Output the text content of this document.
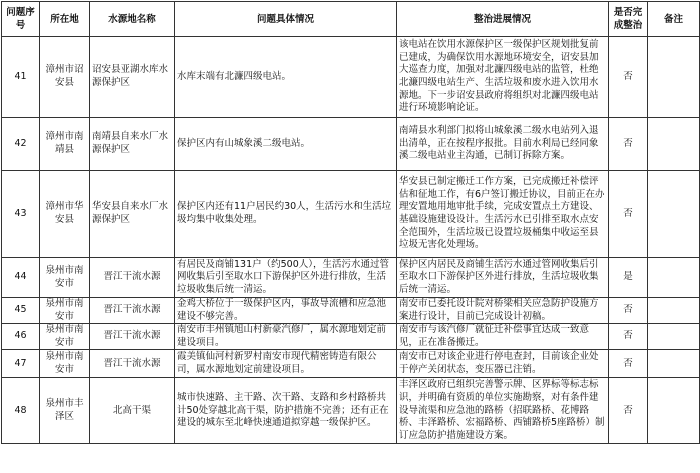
问题序号	所在地	水源地名称	问题具体情况	整治进展情况	是否完成整治	备注
41	漳州市诏安县	诏安县亚湖水库水源保护区	水库末端有北濂四级电站。	该电站在饮用水源保护区一级保护区规划批复前已建成，为确保饮用水源地环境安全，诏安县加大巡查力度，加强对北濂四级电站的监管，杜绝北濂四级电站生产、生活垃圾和废水进入饮用水源地。下一步诏安县政府将组织对北濂四级电站进行环境影响论证。	否	
42	漳州市南靖县	南靖县自来水厂水源保护区	保护区内有山城象溪二级电站。	南靖县水利部门拟将山城象溪二级水电站列入退出清单，正在按程序报批。目前水利局已经同象溪二级电站业主沟通，已制订拆除方案。	否	
43	漳州市华安县	华安县自来水厂水源保护区	保护区内还有11户居民约30人，生活污水和生活垃圾均集中收集处理。	华安县已制定搬迁工作方案，已完成搬迁补偿评估和征地工作，有6户签订搬迁协议，目前正在办理安置地用地审批手续，完成安置点土方建设、基础设施建设设计。生活污水已引排至取水点安全范围外，生活垃圾已设置垃圾桶集中收运至县垃圾无害化处理场。	否	
44	泉州市南安市	晋江干流水源	有居民及商铺131户（约500人），生活污水通过管网收集后引至取水口下游保护区外进行排放，生活垃圾收集后统一清运。	保护区内居民及商铺生活污水通过管网收集后引至取水口下游保护区外进行排放，生活垃圾收集后统一清运。	是	
45	泉州市南安市	晋江干流水源	金鸡大桥位于一级保护区内，事故导流槽和应急池建设不够完善。	南安市已委托设计院对桥梁相关应急防护设施方案进行设计，目前已完成设计初稿。	否	
46	泉州市南安市	晋江干流水源	南安市丰州镇旭山村新豪汽修厂，属水源地划定前建设项目。	南安市与该汽修厂就征迁补偿事宜达成一致意见，正在准备搬迁。	否	
47	泉州市南安市	晋江干流水源	霞美镇仙河村新罗村南安市现代精密铸造有限公司，属水源地划定前建设项目。	南安市已对该企业进行停电查封，目前该企业处于停产关闭状态，变压器已注销。	否	
48	泉州市丰泽区	北高干渠	城市快速路、主干路、次干路、支路和乡村路桥共计50处穿越北高干渠，防护措施不完善；还有正在建设的城东至北峰快速通道拟穿越一级保护区。	丰泽区政府已组织完善警示牌、区界标等标志标识，并明确有资质的单位实施勘察，对有条件建设导流渠和应急池的路桥（招联路桥、花博路桥、丰泽路桥、宏福路桥、西铺路桥5座路桥）制订应急防护措施建设方案。	否	
